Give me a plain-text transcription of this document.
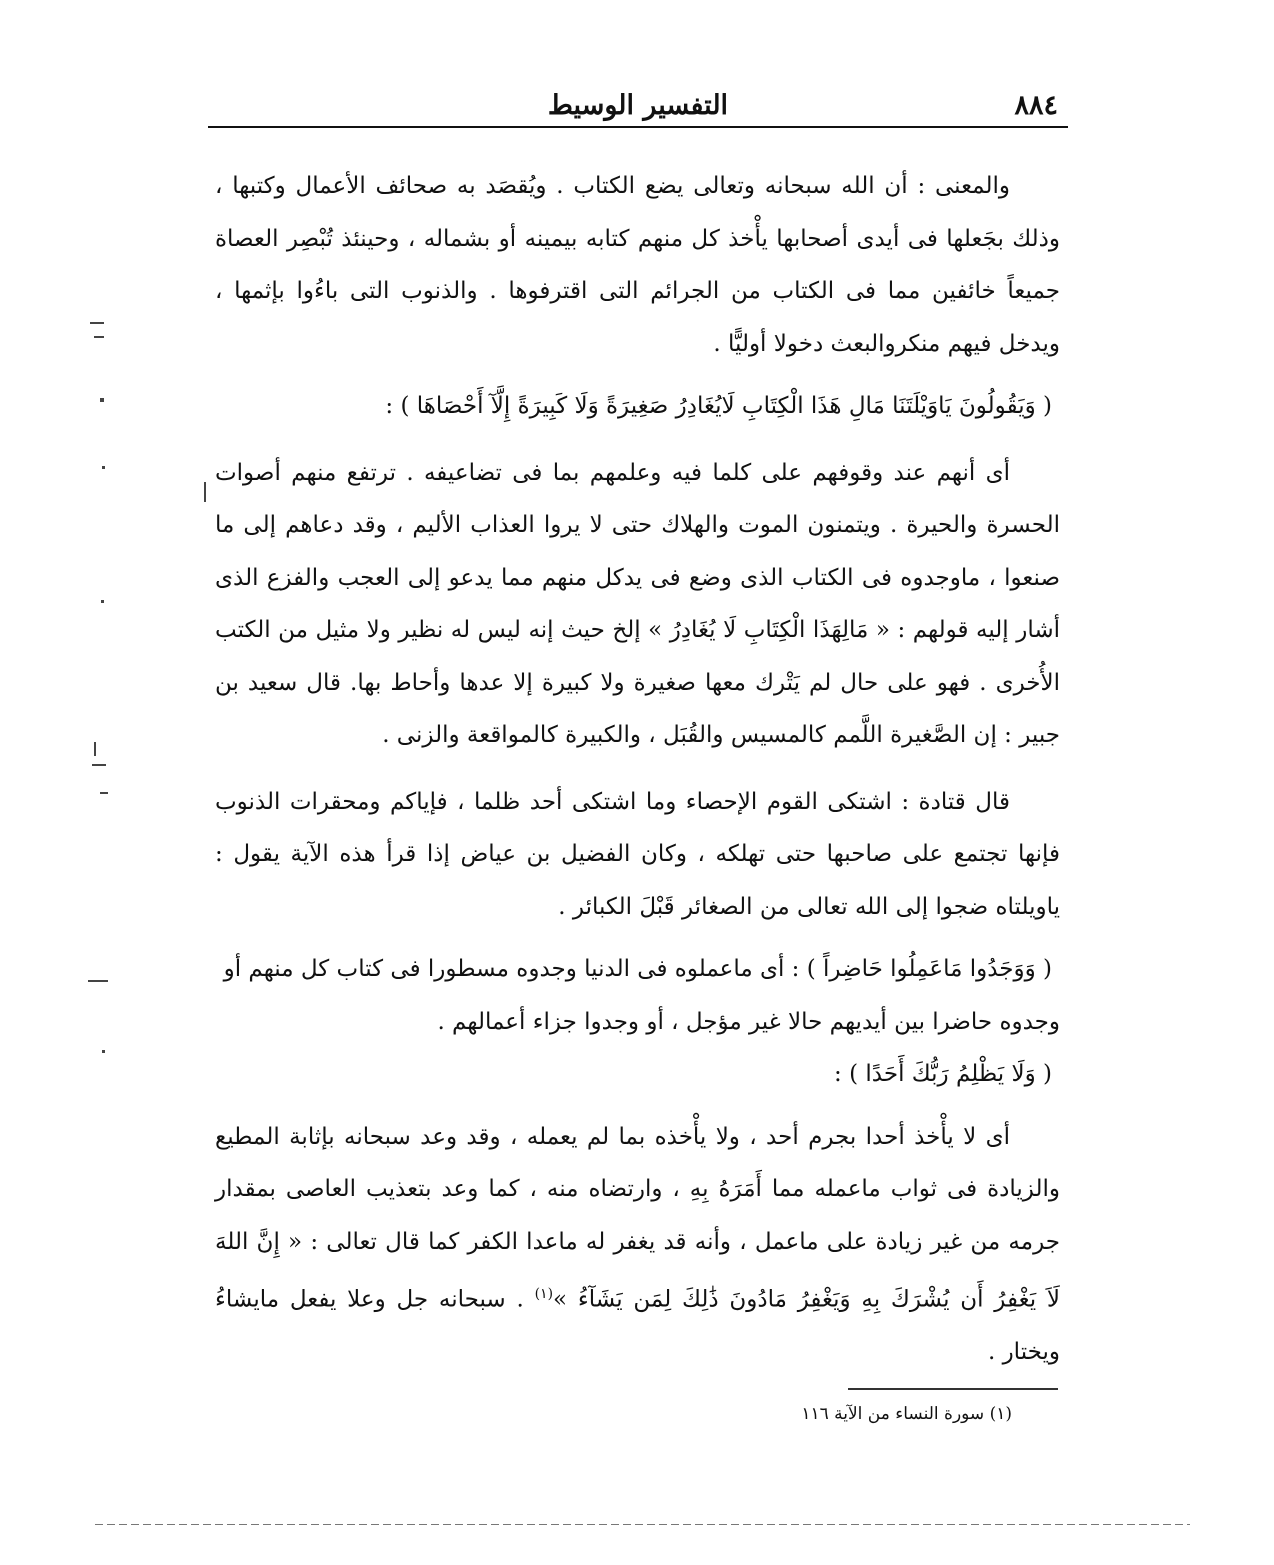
٨٨٤
التفسير الوسيط

والمعنى : أن الله سبحانه وتعالى يضع الكتاب . ويُقصَد به صحائف الأعمال وكتبها ، وذلك بجَعلها فى أيدى أصحابها يأْخذ كل منهم كتابه بيمينه أو بشماله ، وحينئذ تُبْصِر العصاة جميعاً خائفين مما فى الكتاب من الجرائم التى اقترفوها . والذنوب التى باءُوا بإثمها ، ويدخل فيهم منكروالبعث دخولا أوليًّا .

( وَيَقُولُونَ يَاوَيْلَتَنَا مَالِ هَذَا الْكِتَابِ لَايُغَادِرُ صَغِيرَةً وَلَا كَبِيرَةً إِلَّآ أَحْصَاهَا ) :

أى أنهم عند وقوفهم على كلما فيه وعلمهم بما فى تضاعيفه . ترتفع منهم أصوات الحسرة والحيرة . ويتمنون الموت والهلاك حتى لا يروا العذاب الأليم ، وقد دعاهم إلى ما صنعوا ، ماوجدوه فى الكتاب الذى وضع فى يدكل منهم مما يدعو إلى العجب والفزع الذى أشار إليه قولهم : « مَالِهَذَا الْكِتَابِ لَا يُغَادِرُ » إلخ حيث إنه ليس له نظير ولا مثيل من الكتب الأُخرى . فهو على حال لم يَتْرك معها صغيرة ولا كبيرة إلا عدها وأحاط بها. قال سعيد بن جبير : إن الصَّغيرة اللَّمم كالمسيس والقُبَل ، والكبيرة كالمواقعة والزنى .

قال قتادة : اشتكى القوم الإحصاء وما اشتكى أحد ظلما ، فإياكم ومحقرات الذنوب فإنها تجتمع على صاحبها حتى تهلكه ، وكان الفضيل بن عياض إذا قرأ هذه الآية يقول : ياويلتاه ضجوا إلى الله تعالى من الصغائر قَبْلَ الكبائر .

( وَوَجَدُوا مَاعَمِلُوا حَاضِراً ) : أى ماعملوه فى الدنيا وجدوه مسطورا فى كتاب كل منهم أو وجدوه حاضرا بين أيديهم حالا غير مؤجل ، أو وجدوا جزاء أعمالهم .

( وَلَا يَظْلِمُ رَبُّكَ أَحَدًا ) :

أى لا يأْخذ أحدا بجرم أحد ، ولا يأْخذه بما لم يعمله ، وقد وعد سبحانه بإثابة المطيع والزيادة فى ثواب ماعمله مما أَمَرَهُ بِهِ ، وارتضاه منه ، كما وعد بتعذيب العاصى بمقدار جرمه من غير زيادة على ماعمل ، وأنه قد يغفر له ماعدا الكفر كما قال تعالى : « إِنَّ اللهَ لَاَ يَغْفِرُ أَن يُشْرَكَ بِهِ وَيَغْفِرُ مَادُونَ ذَٰلِكَ لِمَن يَشَآءُ »$^{(١)}$ . سبحانه جل وعلا يفعل مايشاءُ ويختار .

(١) سورة النساء من الآية ١١٦
